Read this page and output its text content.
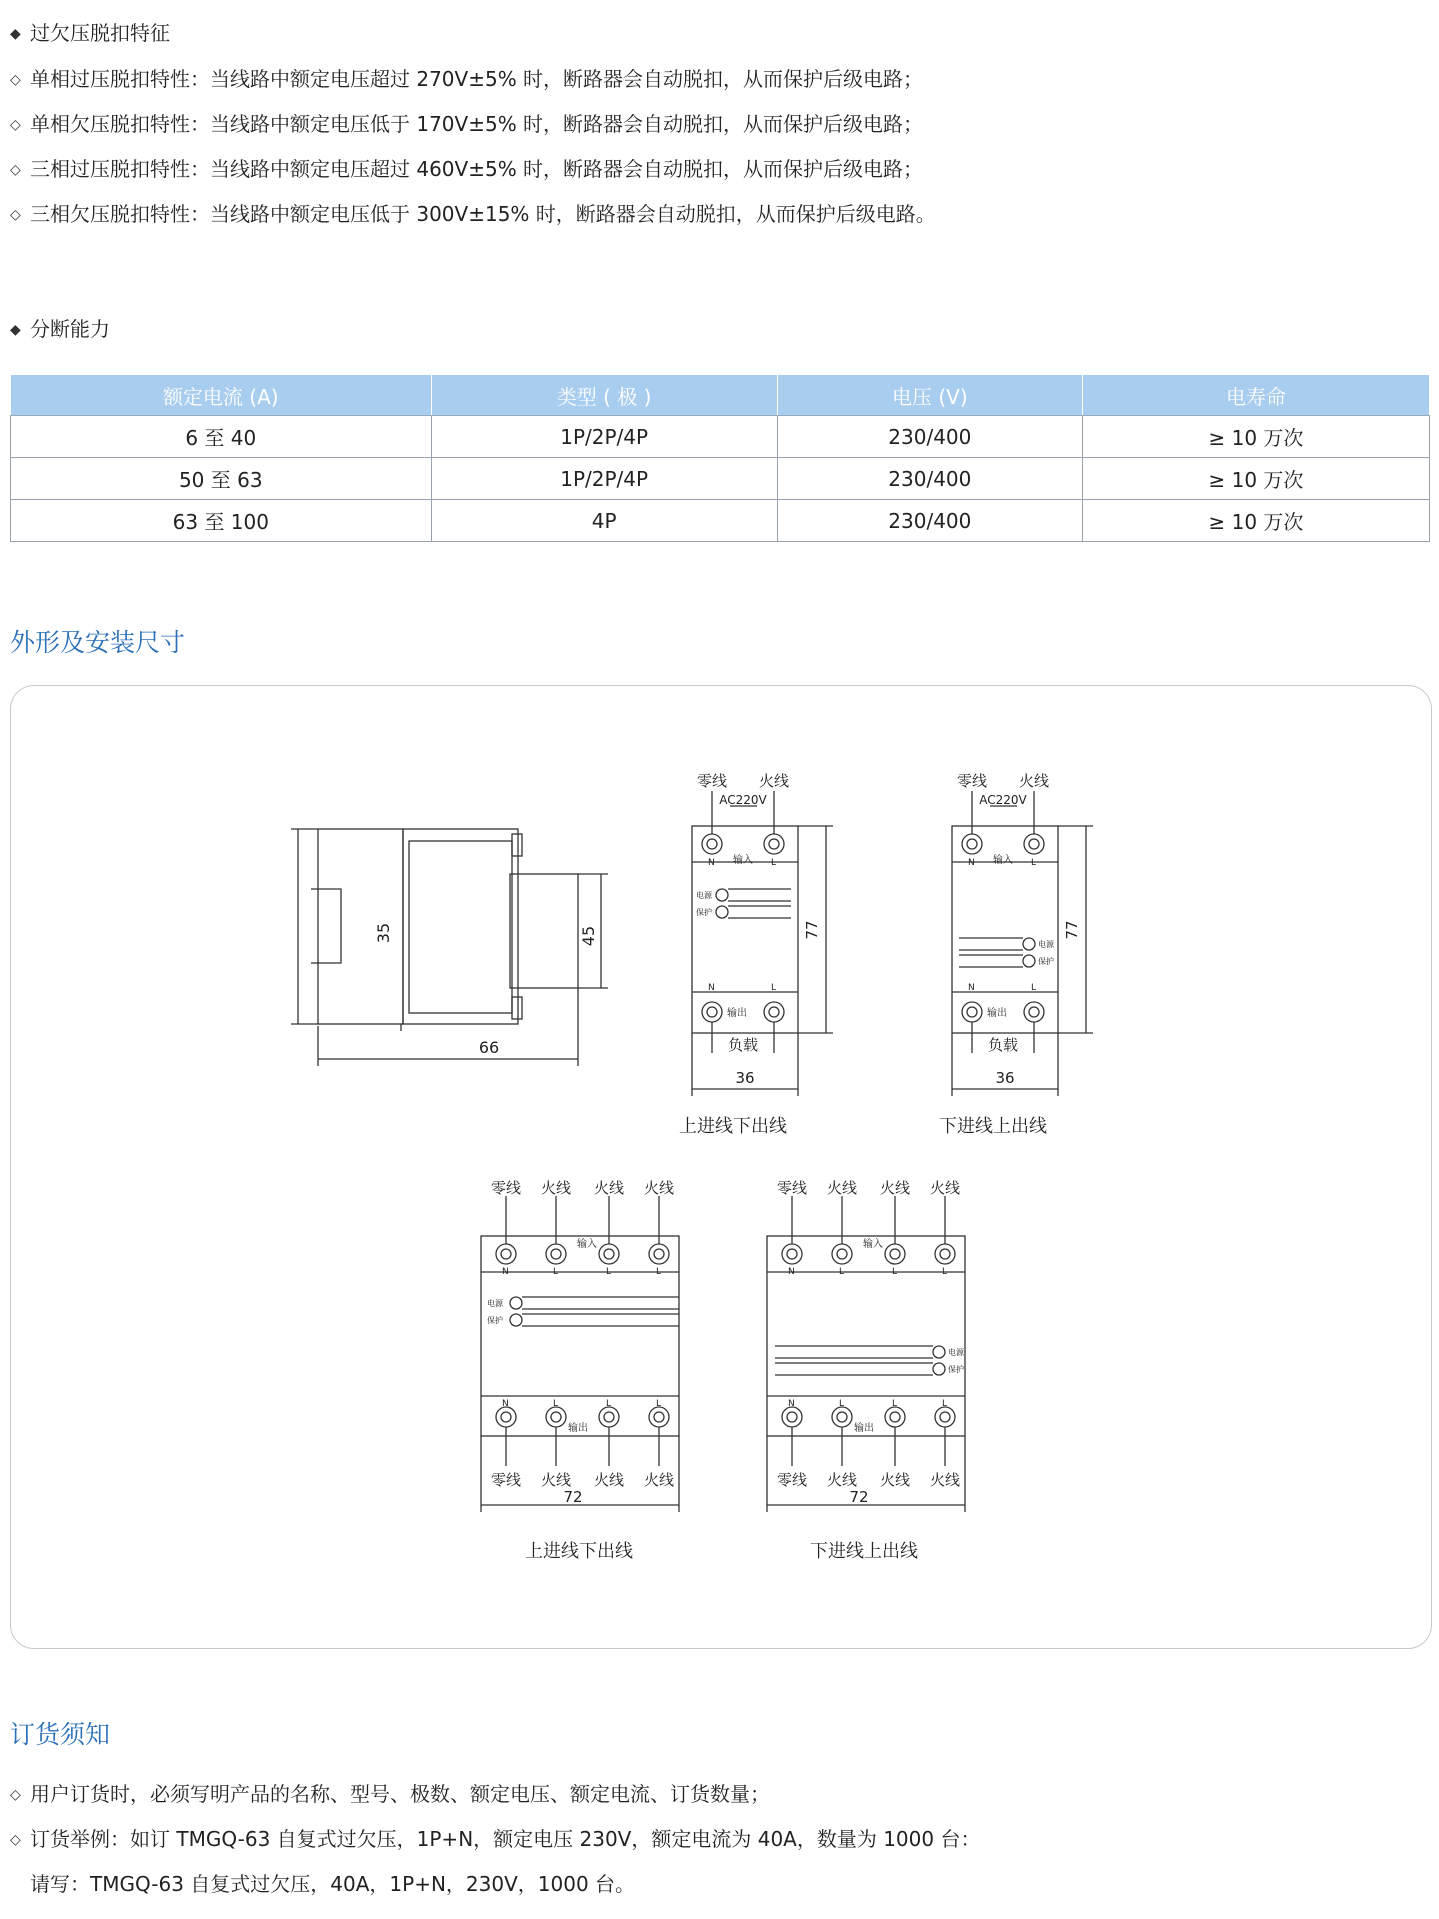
◆ 过欠压脱扣特征
◇ 单相过压脱扣特性：当线路中额定电压超过 270V±5% 时，断路器会自动脱扣，从而保护后级电路；
◇ 单相欠压脱扣特性：当线路中额定电压低于 170V±5% 时，断路器会自动脱扣，从而保护后级电路；
◇ 三相过压脱扣特性：当线路中额定电压超过 460V±5% 时，断路器会自动脱扣，从而保护后级电路；
◇ 三相欠压脱扣特性：当线路中额定电压低于 300V±15% 时，断路器会自动脱扣，从而保护后级电路。
◆ 分断能力
额定电流 (A)	类型 ( 极 )	电压 (V)	电寿命
6 至 40	1P/2P/4P	230/400	≥ 10 万次
50 至 63	1P/2P/4P	230/400	≥ 10 万次
63 至 100	4P	230/400	≥ 10 万次
外形及安装尺寸
35	45
66
零线 火线
AC220V
N	L
输入
电源
保护
N	L
输出
77
负载
36
上进线下出线
零线 火线
AC220V
N	L
输入
电源
保护
N	L
输出
77
负载
36
下进线上出线
零线 火线 火线 火线
输入
N	L	L	L
电源
保护
N	L	L	L
输出
零线 火线 火线 火线
72
上进线下出线
零线 火线 火线 火线
输入
N	L	L	L
电源
保护
N	L	L	L
输出
零线 火线 火线 火线
72
下进线上出线
订货须知
◇ 用户订货时，必须写明产品的名称、型号、极数、额定电压、额定电流、订货数量；
◇ 订货举例：如订 TMGQ-63 自复式过欠压，1P+N，额定电压 230V，额定电流为 40A，数量为 1000 台：
请写：TMGQ-63 自复式过欠压，40A，1P+N，230V，1000 台。
